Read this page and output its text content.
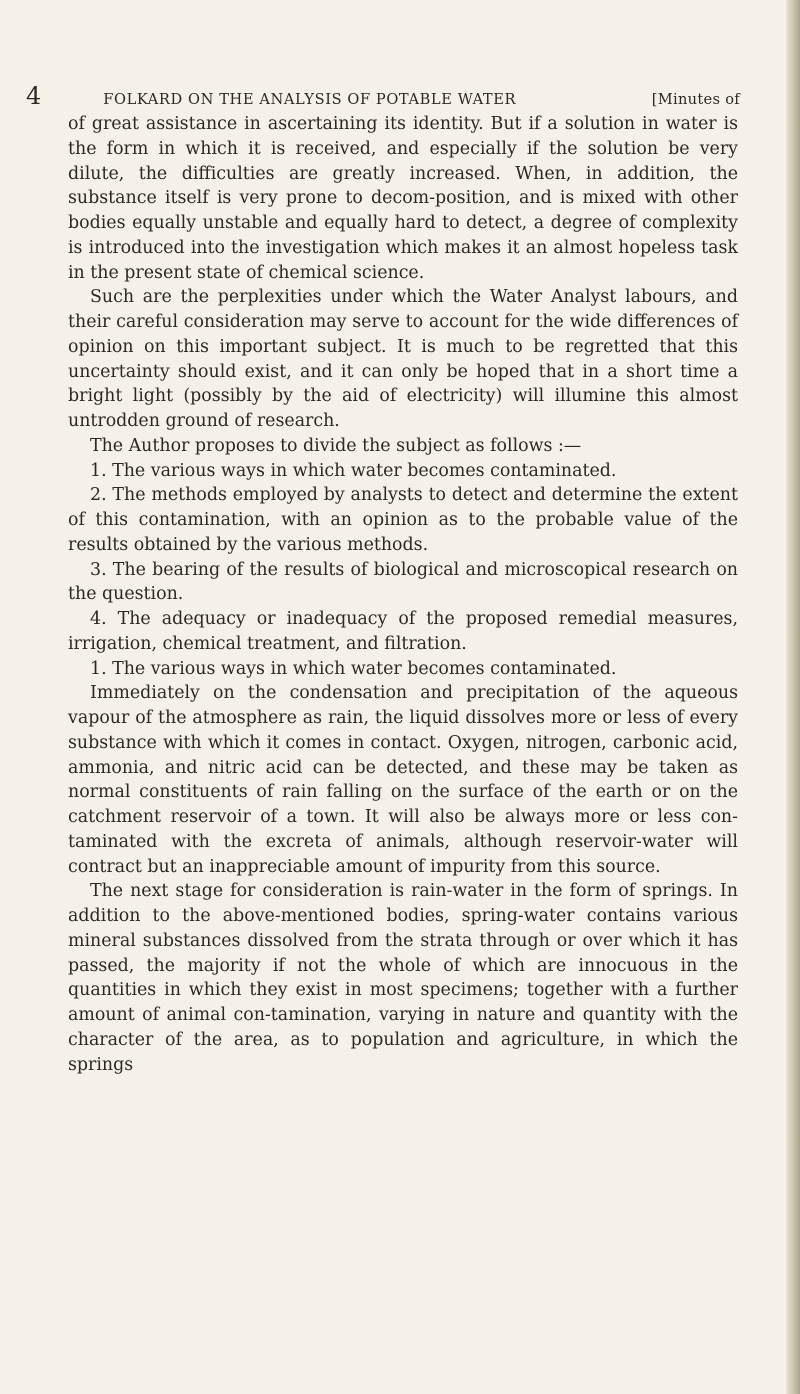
4	FOLKARD ON THE ANALYSIS OF POTABLE WATER	[Minutes of

of great assistance in ascertaining its identity. But if a solution in water is the form in which it is received, and especially if the solution be very dilute, the difficulties are greatly increased. When, in addition, the substance itself is very prone to decom-position, and is mixed with other bodies equally unstable and equally hard to detect, a degree of complexity is introduced into the investigation which makes it an almost hopeless task in the present state of chemical science.

Such are the perplexities under which the Water Analyst labours, and their careful consideration may serve to account for the wide differences of opinion on this important subject. It is much to be regretted that this uncertainty should exist, and it can only be hoped that in a short time a bright light (possibly by the aid of electricity) will illumine this almost untrodden ground of research.

The Author proposes to divide the subject as follows :—

1. The various ways in which water becomes contaminated.

2. The methods employed by analysts to detect and determine the extent of this contamination, with an opinion as to the probable value of the results obtained by the various methods.

3. The bearing of the results of biological and microscopical research on the question.

4. The adequacy or inadequacy of the proposed remedial measures, irrigation, chemical treatment, and filtration.

1. The various ways in which water becomes contaminated.

Immediately on the condensation and precipitation of the aqueous vapour of the atmosphere as rain, the liquid dissolves more or less of every substance with which it comes in contact. Oxygen, nitrogen, carbonic acid, ammonia, and nitric acid can be detected, and these may be taken as normal constituents of rain falling on the surface of the earth or on the catchment reservoir of a town. It will also be always more or less con-taminated with the excreta of animals, although reservoir-water will contract but an inappreciable amount of impurity from this source.

The next stage for consideration is rain-water in the form of springs. In addition to the above-mentioned bodies, spring-water contains various mineral substances dissolved from the strata through or over which it has passed, the majority if not the whole of which are innocuous in the quantities in which they exist in most specimens; together with a further amount of animal con-tamination, varying in nature and quantity with the character of the area, as to population and agriculture, in which the springs
